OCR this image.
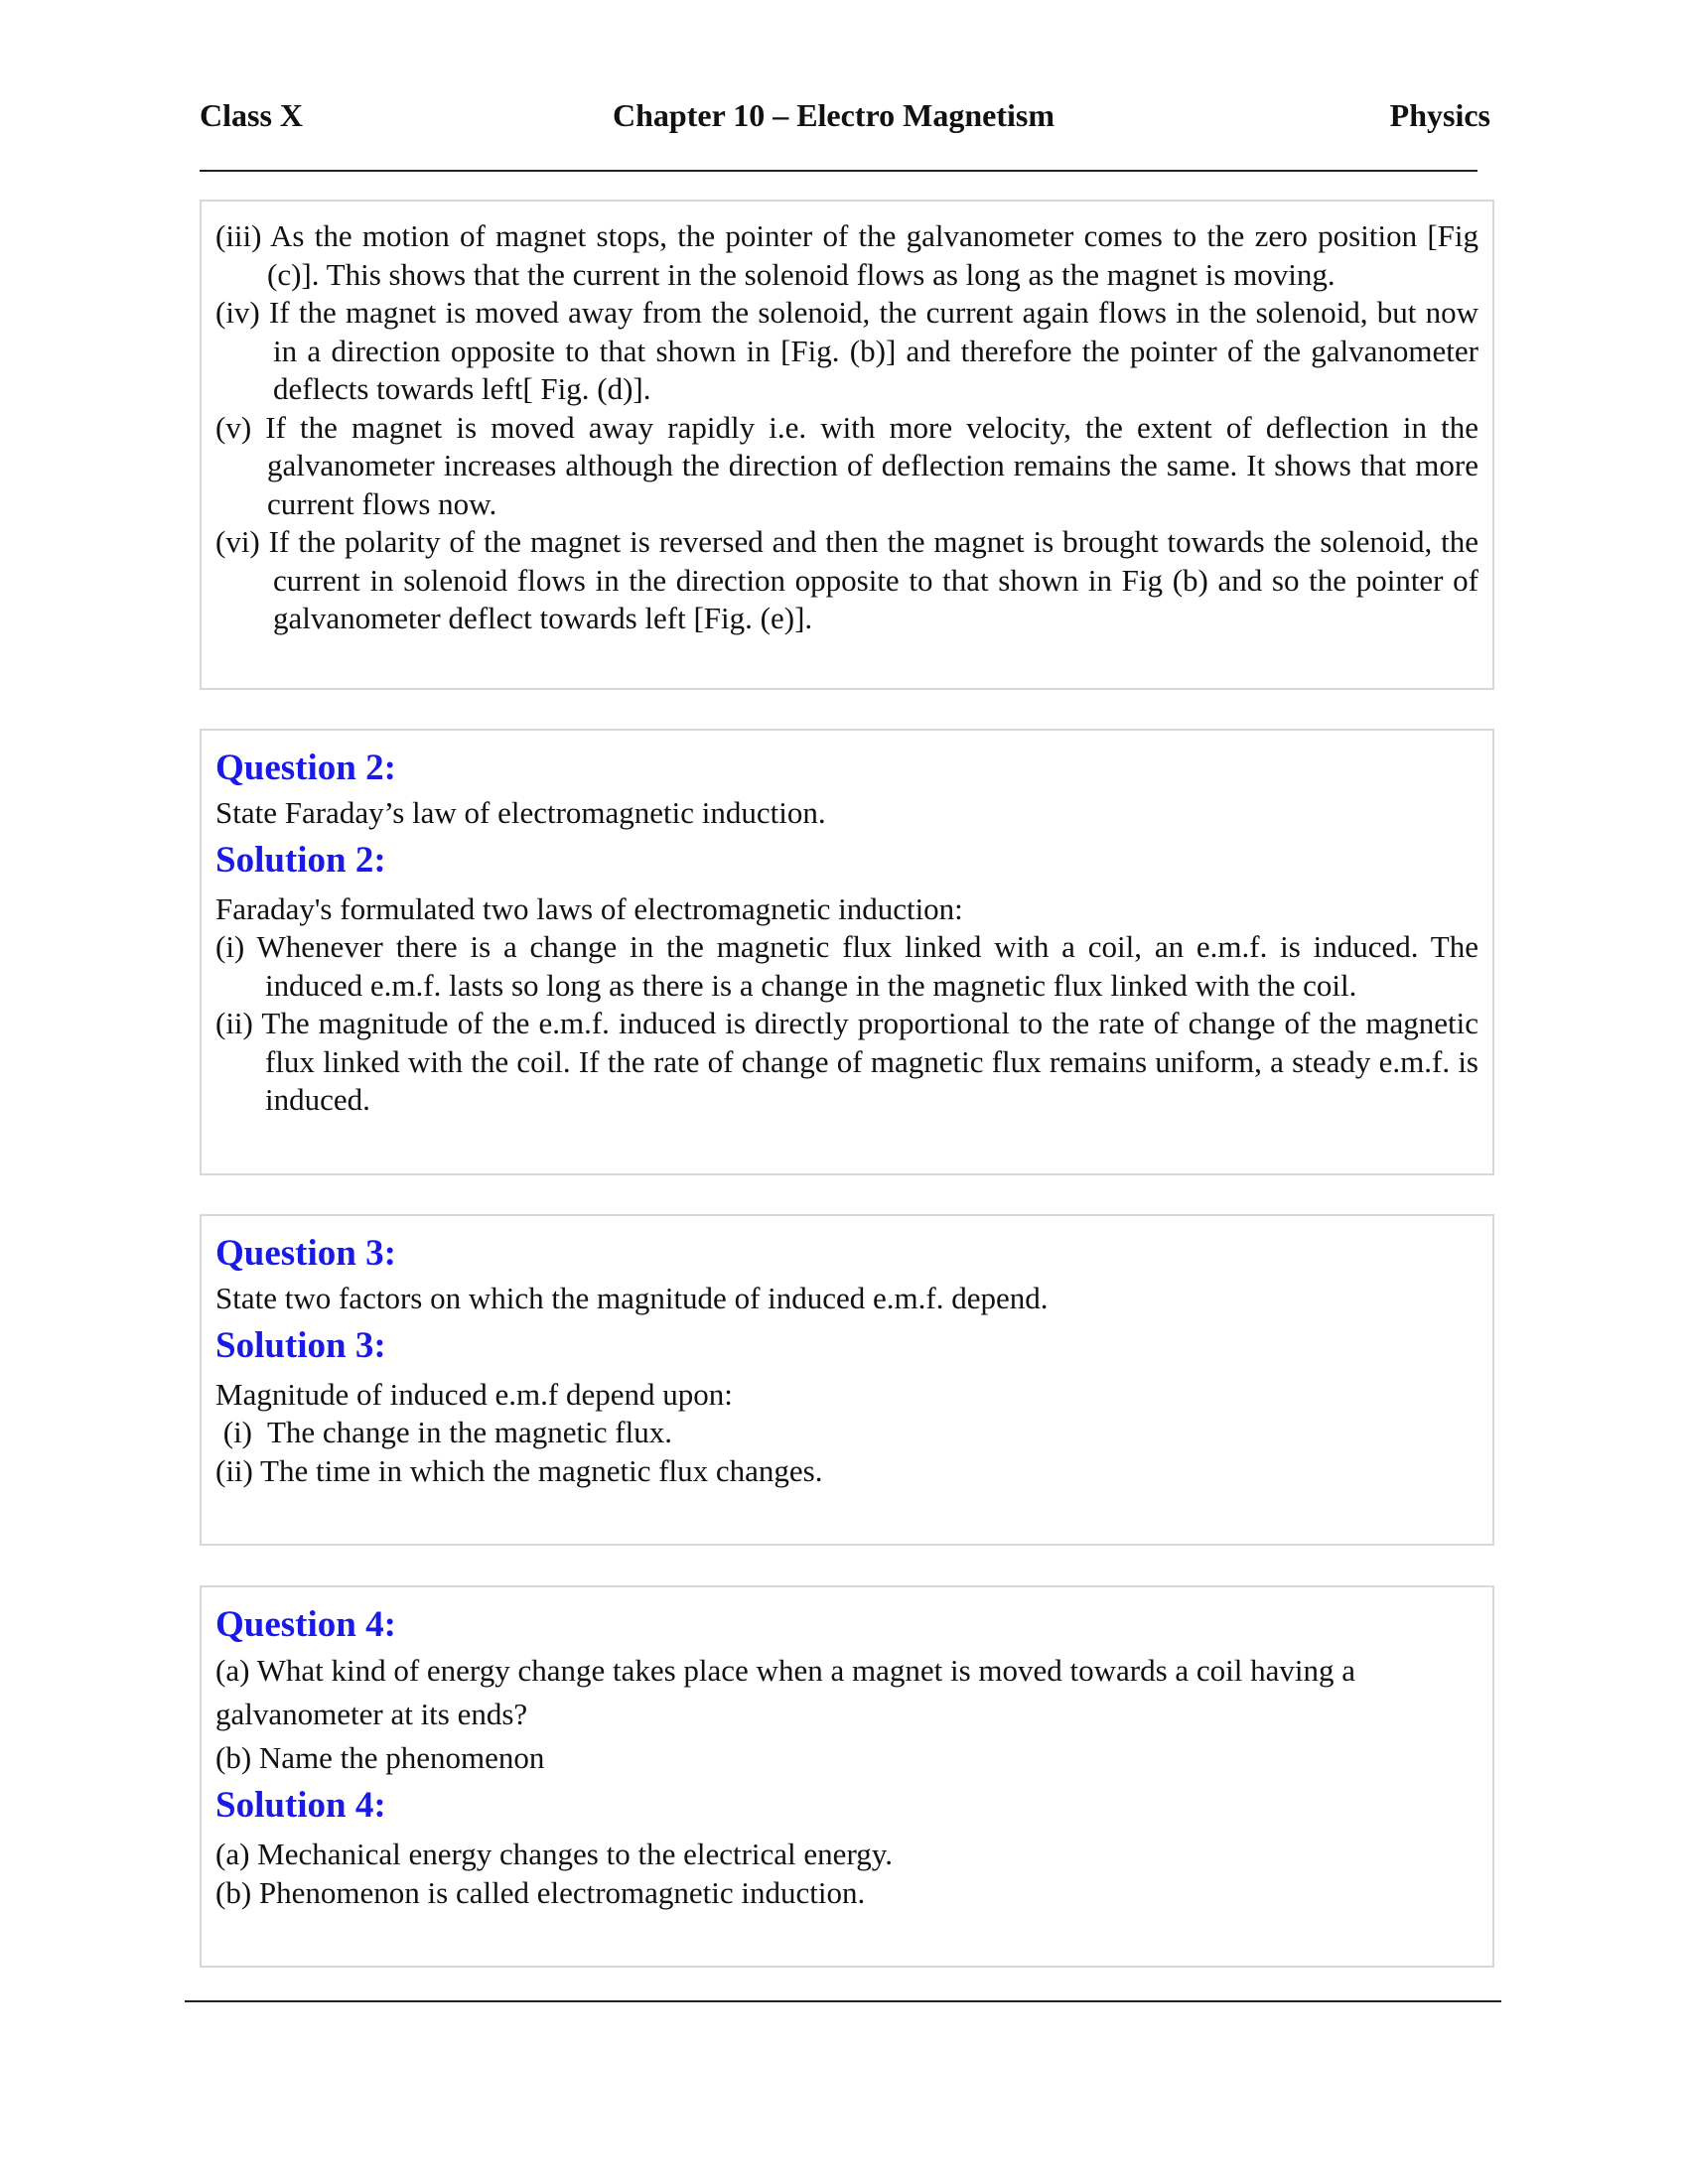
Class X	Chapter 10 – Electro Magnetism	Physics
(iii) As the motion of magnet stops, the pointer of the galvanometer comes to the zero position [Fig (c)]. This shows that the current in the solenoid flows as long as the magnet is moving.
(iv) If the magnet is moved away from the solenoid, the current again flows in the solenoid, but now in a direction opposite to that shown in [Fig. (b)] and therefore the pointer of the galvanometer deflects towards left[ Fig. (d)].
(v) If the magnet is moved away rapidly i.e. with more velocity, the extent of deflection in the galvanometer increases although the direction of deflection remains the same. It shows that more current flows now.
(vi) If the polarity of the magnet is reversed and then the magnet is brought towards the solenoid, the current in solenoid flows in the direction opposite to that shown in Fig (b) and so the pointer of galvanometer deflect towards left [Fig. (e)].
Question 2:
State Faraday’s law of electromagnetic induction.
Solution 2:
Faraday's formulated two laws of electromagnetic induction:
(i) Whenever there is a change in the magnetic flux linked with a coil, an e.m.f. is induced. The induced e.m.f. lasts so long as there is a change in the magnetic flux linked with the coil.
(ii) The magnitude of the e.m.f. induced is directly proportional to the rate of change of the magnetic flux linked with the coil. If the rate of change of magnetic flux remains uniform, a steady e.m.f. is induced.
Question 3:
State two factors on which the magnitude of induced e.m.f. depend.
Solution 3:
Magnitude of induced e.m.f depend upon:
(i)  The change in the magnetic flux.
(ii) The time in which the magnetic flux changes.
Question 4:
(a) What kind of energy change takes place when a magnet is moved towards a coil having a galvanometer at its ends?
(b) Name the phenomenon
Solution 4:
(a) Mechanical energy changes to the electrical energy.
(b) Phenomenon is called electromagnetic induction.
